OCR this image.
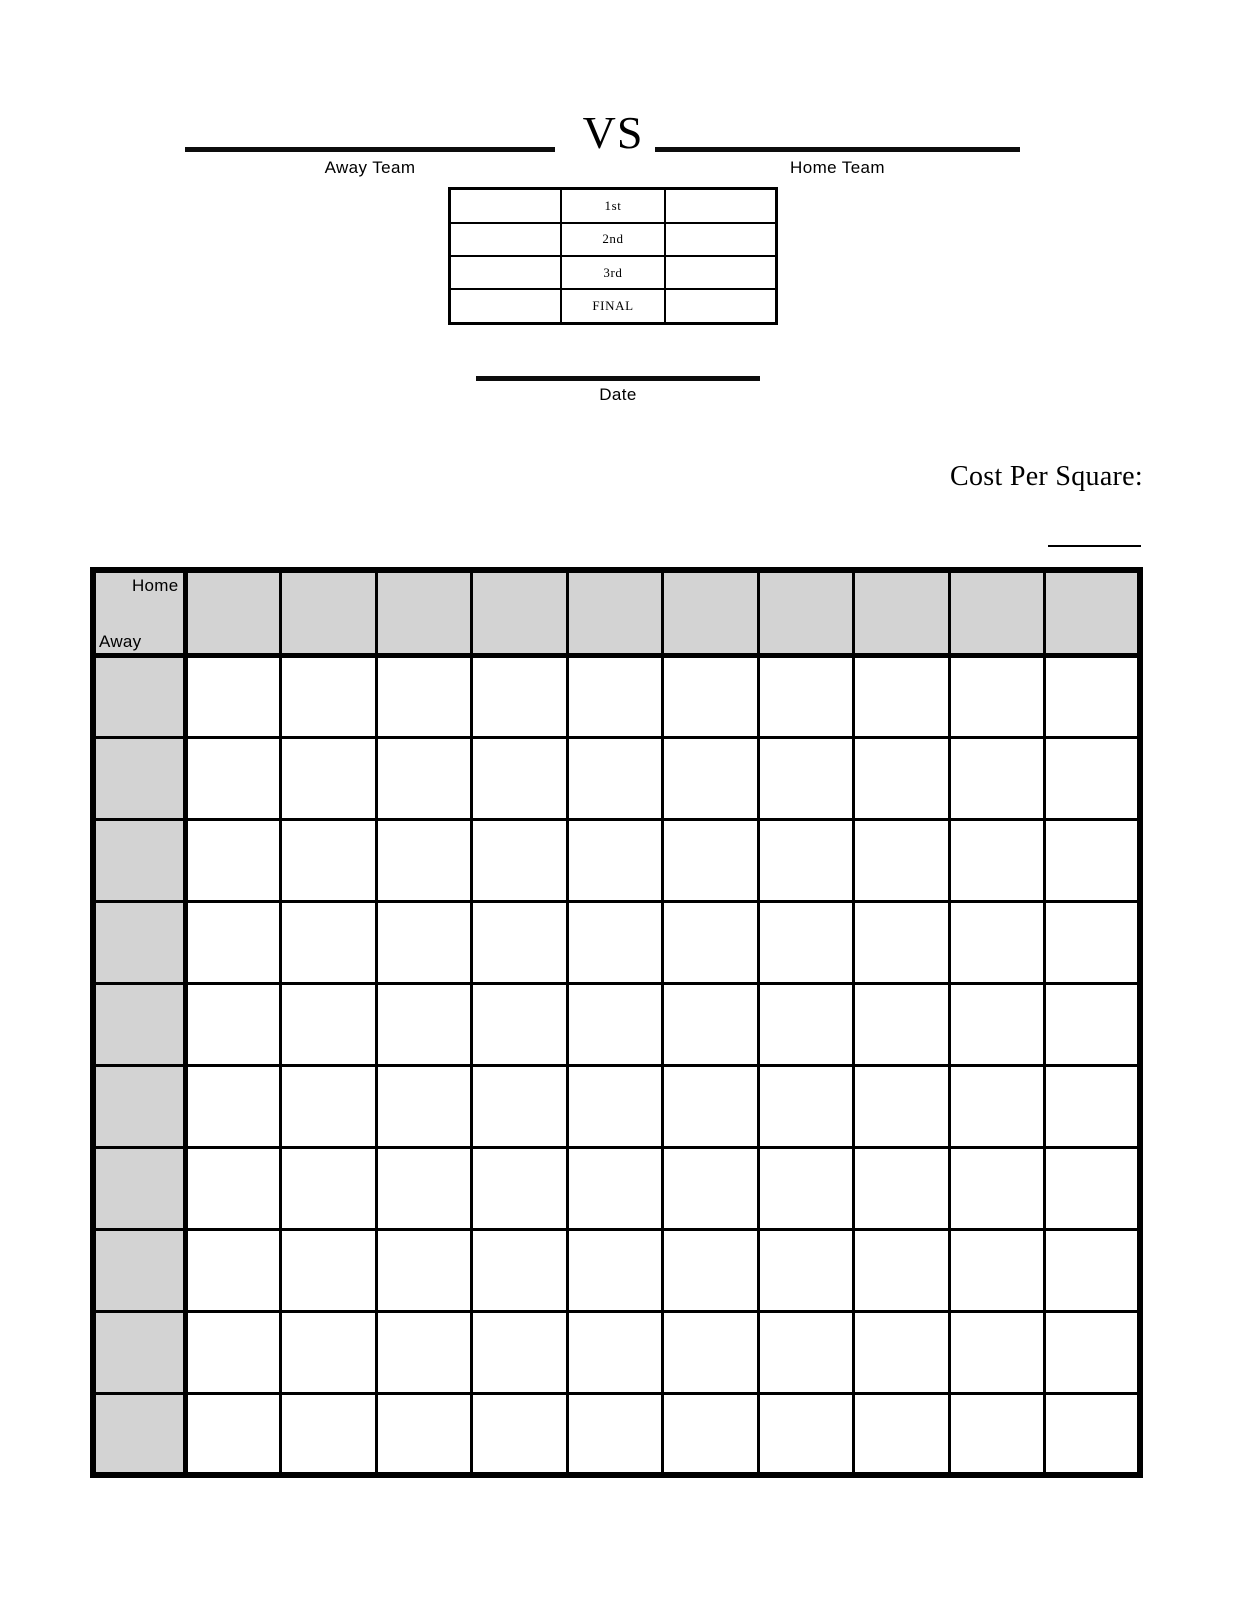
VS
Away Team	Home Team
	1st	
	2nd	
	3rd	
	FINAL	
Date
Cost Per Square:
Home
Away										
